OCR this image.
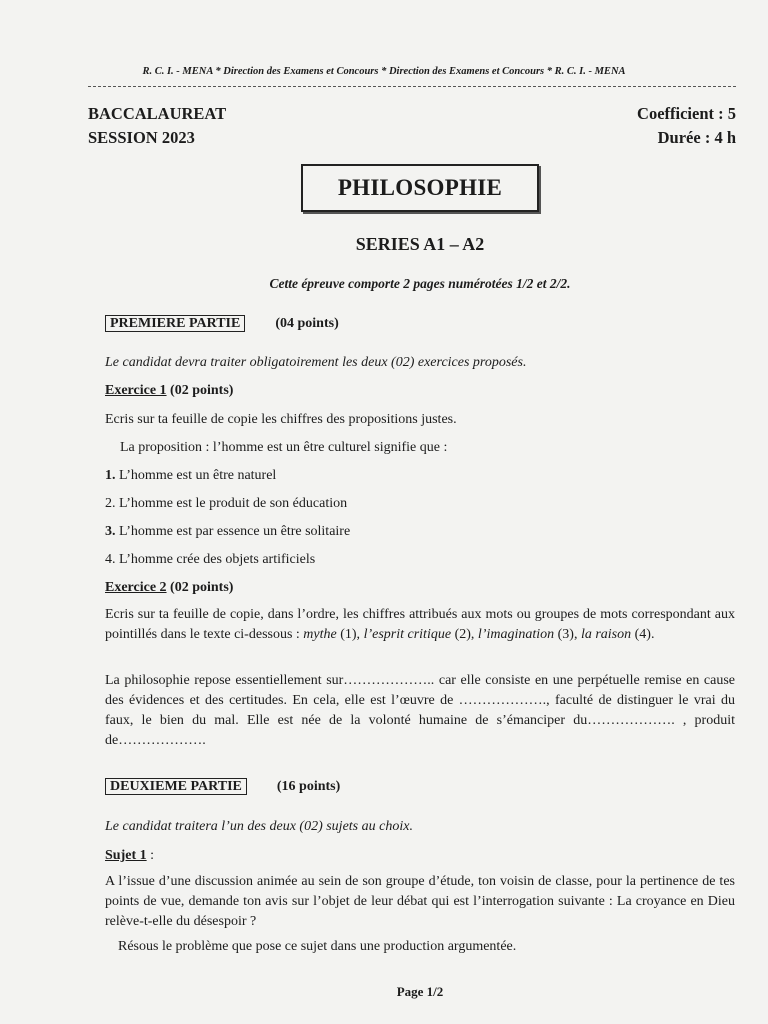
R. C. I. - MENA * Direction des Examens et Concours * Direction des Examens et Concours * R. C. I. - MENA
BACCALAUREAT
SESSION 2023
Coefficient : 5
Durée : 4 h
PHILOSOPHIE
SERIES A1 – A2
Cette épreuve comporte 2 pages numérotées 1/2 et 2/2.
PREMIERE PARTIE	(04 points)
Le candidat devra traiter obligatoirement les deux (02) exercices proposés.
Exercice 1 (02 points)
Ecris sur ta feuille de copie les chiffres des propositions justes.
La proposition : l’homme est un être culturel signifie que :
1. L’homme est un être naturel
2. L’homme est le produit de son éducation
3. L’homme est par essence un être solitaire
4. L’homme crée des objets artificiels
Exercice 2 (02 points)
Ecris sur ta feuille de copie, dans l’ordre, les chiffres attribués aux mots ou groupes de mots correspondant aux pointillés dans le texte ci-dessous : mythe (1), l’esprit critique (2), l’imagination (3), la raison (4).
La philosophie repose essentiellement sur……………….. car elle consiste en une perpétuelle remise en cause des évidences et des certitudes. En cela, elle est l’œuvre de ………………., faculté de distinguer le vrai du faux, le bien du mal. Elle est née de la volonté humaine de s’émanciper du………………. , produit de……………….
DEUXIEME PARTIE	(16 points)
Le candidat traitera l’un des deux (02) sujets au choix.
Sujet 1 :
A l’issue d’une discussion animée au sein de son groupe d’étude, ton voisin de classe, pour la pertinence de tes points de vue, demande ton avis sur l’objet de leur débat qui est l’interrogation suivante : La croyance en Dieu relève-t-elle du désespoir ?
Résous le problème que pose ce sujet dans une production argumentée.
Page 1/2
